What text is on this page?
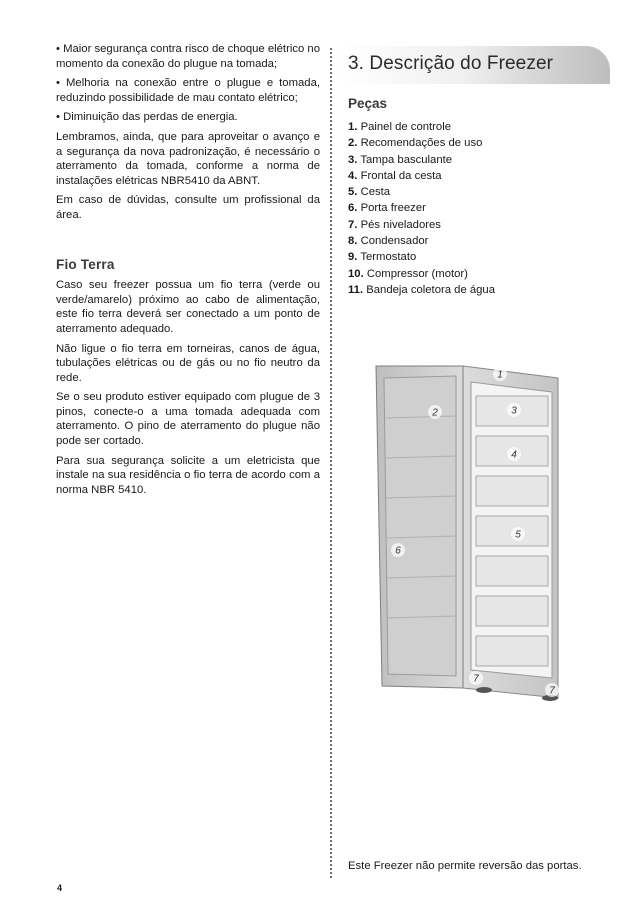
• Maior segurança contra risco de choque elétrico no momento da conexão do plugue na tomada;

• Melhoria na conexão entre o plugue e tomada, reduzindo possibilidade de mau contato elétrico;

• Diminuição das perdas de energia.

Lembramos, ainda, que para aproveitar o avanço e a segurança da nova padronização, é necessário o aterramento da tomada, conforme a norma de instalações elétricas NBR5410 da ABNT.

Em caso de dúvidas, consulte um profissional da área.

Fio Terra

Caso seu freezer possua um fio terra (verde ou verde/amarelo) próximo ao cabo de alimentação, este fio terra deverá ser conectado a um ponto de aterramento adequado.

Não ligue o fio terra em torneiras, canos de água, tubulações elétricas ou de gás ou no fio neutro da rede.

Se o seu produto estiver equipado com plugue de 3 pinos, conecte-o a uma tomada adequada com aterramento. O pino de aterramento do plugue não pode ser cortado.

Para sua segurança solicite a um eletricista que instale na sua residência o fio terra de acordo com a norma NBR 5410.

3. Descrição do Freezer
Peças
1. Painel de controle
2. Recomendações de uso
3. Tampa basculante
4. Frontal da cesta
5. Cesta
6. Porta freezer
7. Pés niveladores
8. Condensador
9. Termostato
10. Compressor (motor)
11. Bandeja coletora de água
1
2	3
4
5
6
7
7
Este Freezer não permite reversão das portas.
4
